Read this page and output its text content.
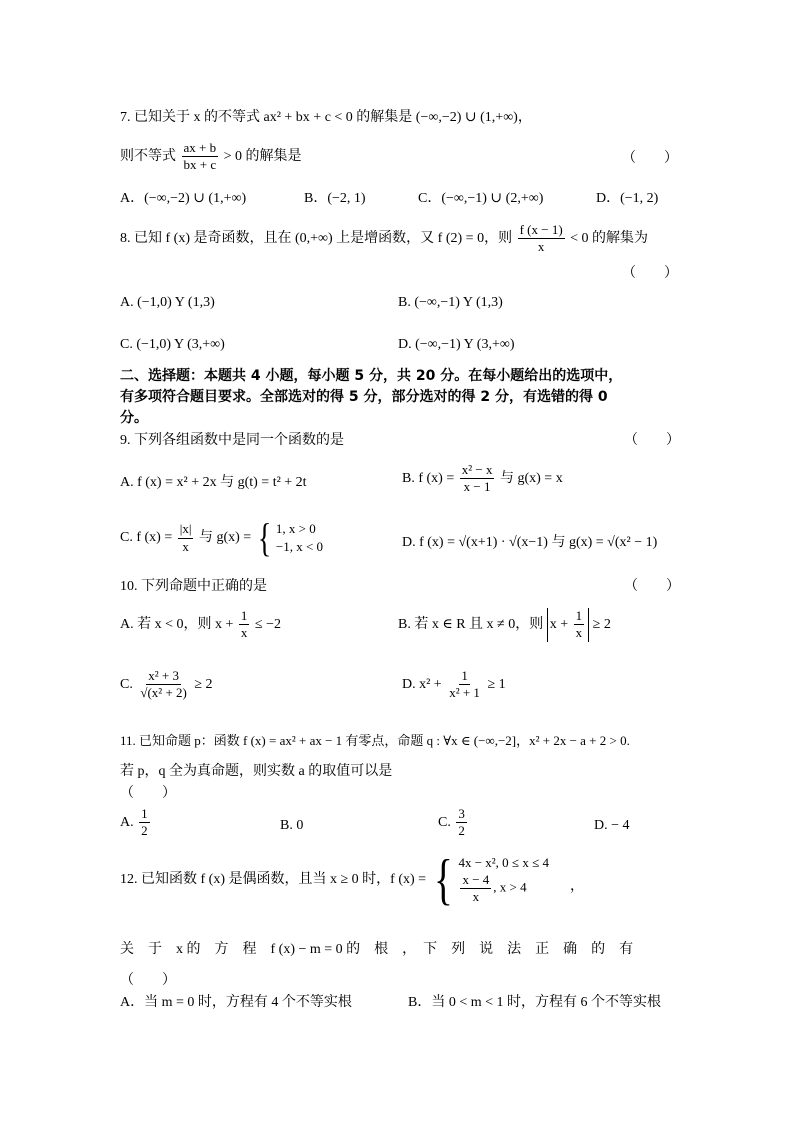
7. 已知关于 x 的不等式 ax² + bx + c < 0 的解集是 (−∞,−2) ∪ (1,+∞)，
则不等式 $\frac{ax + b}{bx + c} > 0$ 的解集是	（　　）
A．(−∞,−2) ∪ (1,+∞)	B．(−2, 1)	C．(−∞,−1) ∪ (2,+∞)	D．(−1, 2)
8. 已知 f (x) 是奇函数，且在 (0,+∞) 上是增函数，又 f (2) = 0，则 $\frac{f (x - 1)}{x} < 0$ 的解集为
（　　）
A. (−1,0) Y (1,3)	B. (−∞,−1) Y (1,3)
C. (−1,0) Y (3,+∞)	D. (−∞,−1) Y (3,+∞)
二、选择题：本题共 4 小题，每小题 5 分，共 20 分。在每小题给出的选项中，
有多项符合题目要求。全部选对的得 5 分，部分选对的得 2 分，有选错的得 0
分。
9. 下列各组函数中是同一个函数的是	（　　）
A. f (x) = x² + 2x 与 g(t) = t² + 2t	B. f $(x) = \frac{\text{x² − x}}{x - 1}$ 与 g(x) = x
C. f $(x) = \frac{|x|}{x}$ 与 g(x) = { 1, x > 0
−1, x < 0	D. f (x) = √(x+1) · √(x−1) 与 g(x) = √(x² − 1)
10. 下列命题中正确的是	（　　）
A. 若 x < 0，则 $x + \frac{1}{x} \le -2$	B. 若 x ∈ R 且 x ≠ 0，则 $x + \frac{1}{x} \ge 2$
C. $\frac{\text{x² + 3}}{\text{√(x² + 2)}} \ge 2$	D. $x^2 + \frac{1}{\text{x² + 1}} \ge 1$
11. 已知命题 p：函数 f (x) = ax² + ax − 1 有零点，命题 q : ∀x ∈ (−∞,−2]，x² + 2x − a + 2 > 0.
若 p，q 全为真命题，则实数 a 的取值可以是
（　　）
A. $\frac{1}{2}$	B. 0	C. $\frac{3}{2}$	D. − 4
12. 已知函数 f (x) 是偶函数，且当 x ≥ 0 时，f (x) = { 4x − x², 0 ≤ x ≤ 4
$\frac{x - 4}{x}$ , x > 4	，
关　于　x 的　方　程　f (x) − m = 0 的　根　，　下　列　说　法　正　确　的　有
（　　）
A．当 m = 0 时，方程有 4 个不等实根	B．当 0 < m < 1 时，方程有 6 个不等实根
